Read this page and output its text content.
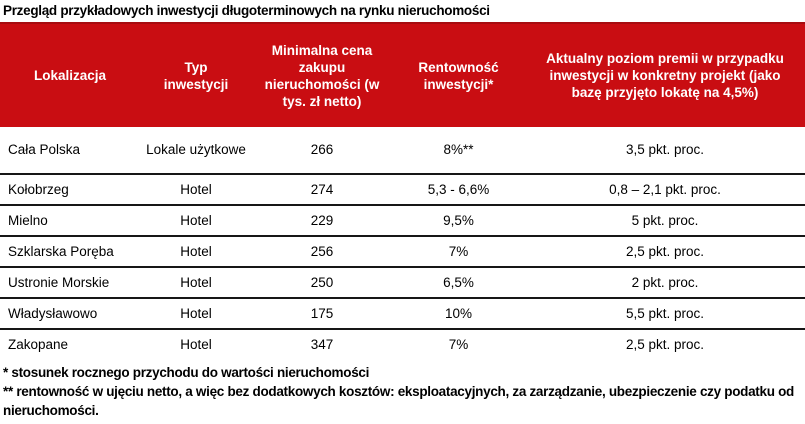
Przegląd przykładowych inwestycji długoterminowych na rynku nieruchomości
Lokalizacja	Typ inwestycji	Minimalna cena zakupu nieruchomości (w tys. zł netto)	Rentowność inwestycji*	Aktualny poziom premii w przypadku inwestycji w konkretny projekt (jako bazę przyjęto lokatę na 4,5%)
Cała Polska	Lokale użytkowe	266	8%**	3,5 pkt. proc.
Kołobrzeg	Hotel	274	5,3 - 6,6%	0,8 – 2,1 pkt. proc.
Mielno	Hotel	229	9,5%	5 pkt. proc.
Szklarska Poręba	Hotel	256	7%	2,5 pkt. proc.
Ustronie Morskie	Hotel	250	6,5%	2 pkt. proc.
Władysławowo	Hotel	175	10%	5,5 pkt. proc.
Zakopane	Hotel	347	7%	2,5 pkt. proc.

* stosunek rocznego przychodu do wartości nieruchomości

** rentowność w ujęciu netto, a więc bez dodatkowych kosztów: eksploatacyjnych, za zarządzanie, ubezpieczenie czy podatku od nieruchomości.
